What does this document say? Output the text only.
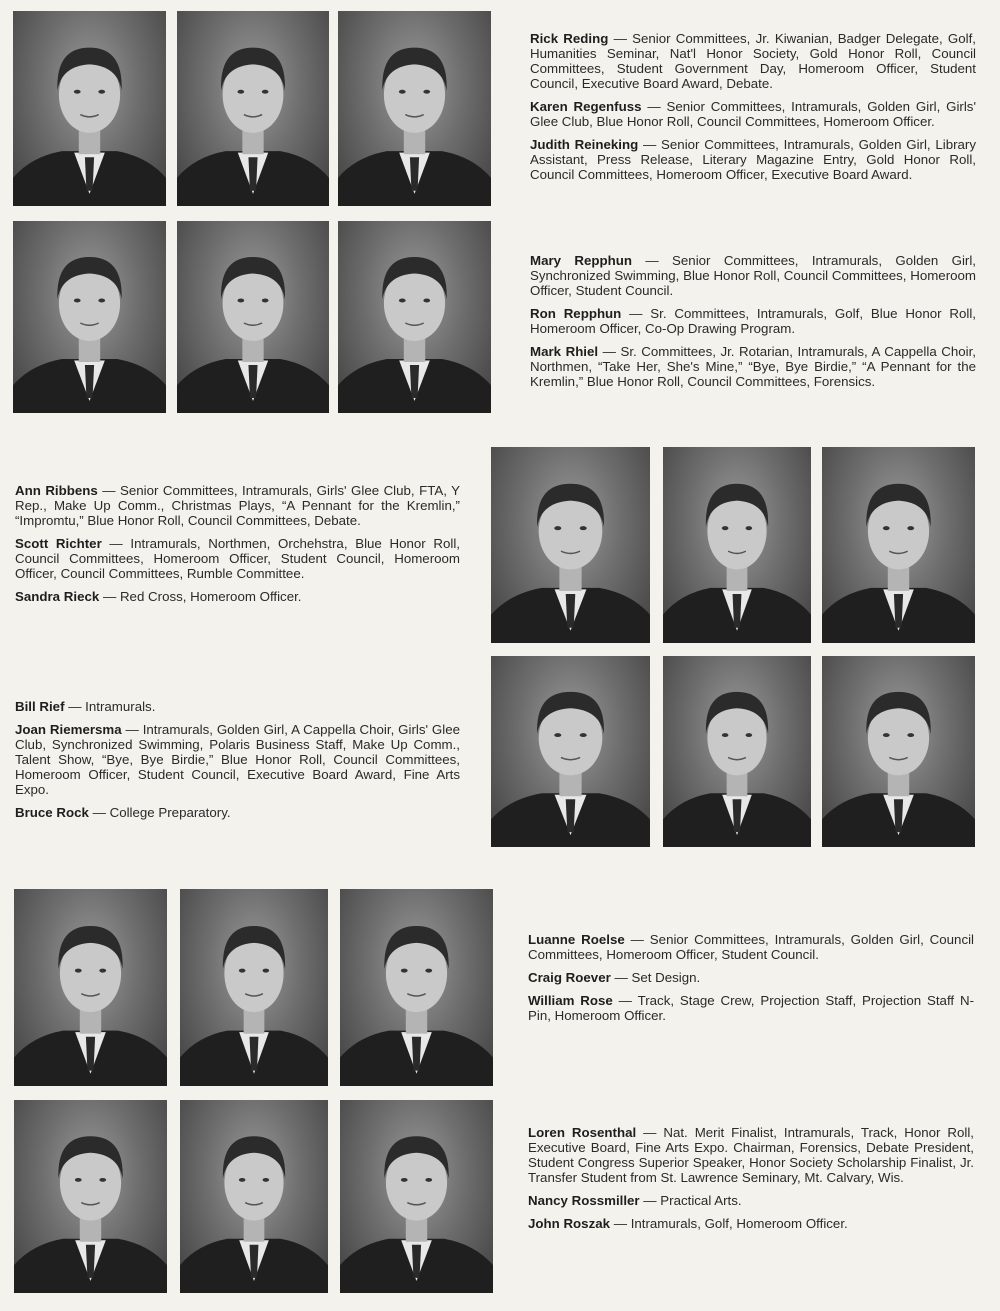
Rick Reding — Senior Committees, Jr. Kiwanian, Badger Delegate, Golf, Humanities Seminar, Nat'l Honor Society, Gold Honor Roll, Council Committees, Student Government Day, Homeroom Officer, Student Council, Executive Board Award, Debate.

Karen Regenfuss — Senior Committees, Intramurals, Golden Girl, Girls' Glee Club, Blue Honor Roll, Council Committees, Homeroom Officer.

Judith Reineking — Senior Committees, Intramurals, Golden Girl, Library Assistant, Press Release, Literary Magazine Entry, Gold Honor Roll, Council Committees, Homeroom Officer, Executive Board Award.

Mary Repphun — Senior Committees, Intramurals, Golden Girl, Synchronized Swimming, Blue Honor Roll, Council Committees, Homeroom Officer, Student Council.

Ron Repphun — Sr. Committees, Intramurals, Golf, Blue Honor Roll, Homeroom Officer, Co-Op Drawing Program.

Mark Rhiel — Sr. Committees, Jr. Rotarian, Intramurals, A Cappella Choir, Northmen, “Take Her, She's Mine,” “Bye, Bye Birdie,” “A Pennant for the Kremlin,” Blue Honor Roll, Council Committees, Forensics.

Ann Ribbens — Senior Committees, Intramurals, Girls' Glee Club, FTA, Y Rep., Make Up Comm., Christmas Plays, “A Pennant for the Kremlin,” “Impromtu,” Blue Honor Roll, Council Committees, Debate.

Scott Richter — Intramurals, Northmen, Orchehstra, Blue Honor Roll, Council Committees, Homeroom Officer, Student Council, Homeroom Officer, Council Committees, Rumble Committee.

Sandra Rieck — Red Cross, Homeroom Officer.

Bill Rief — Intramurals.

Joan Riemersma — Intramurals, Golden Girl, A Cappella Choir, Girls' Glee Club, Synchronized Swimming, Polaris Business Staff, Make Up Comm., Talent Show, “Bye, Bye Birdie,” Blue Honor Roll, Council Committees, Homeroom Officer, Student Council, Executive Board Award, Fine Arts Expo.

Bruce Rock — College Preparatory.

Luanne Roelse — Senior Committees, Intramurals, Golden Girl, Council Committees, Homeroom Officer, Student Council.

Craig Roever — Set Design.

William Rose — Track, Stage Crew, Projection Staff, Projection Staff N-Pin, Homeroom Officer.

Loren Rosenthal — Nat. Merit Finalist, Intramurals, Track, Honor Roll, Executive Board, Fine Arts Expo. Chairman, Forensics, Debate President, Student Congress Superior Speaker, Honor Society Scholarship Finalist, Jr. Transfer Student from St. Lawrence Seminary, Mt. Calvary, Wis.

Nancy Rossmiller — Practical Arts.

John Roszak — Intramurals, Golf, Homeroom Officer.
